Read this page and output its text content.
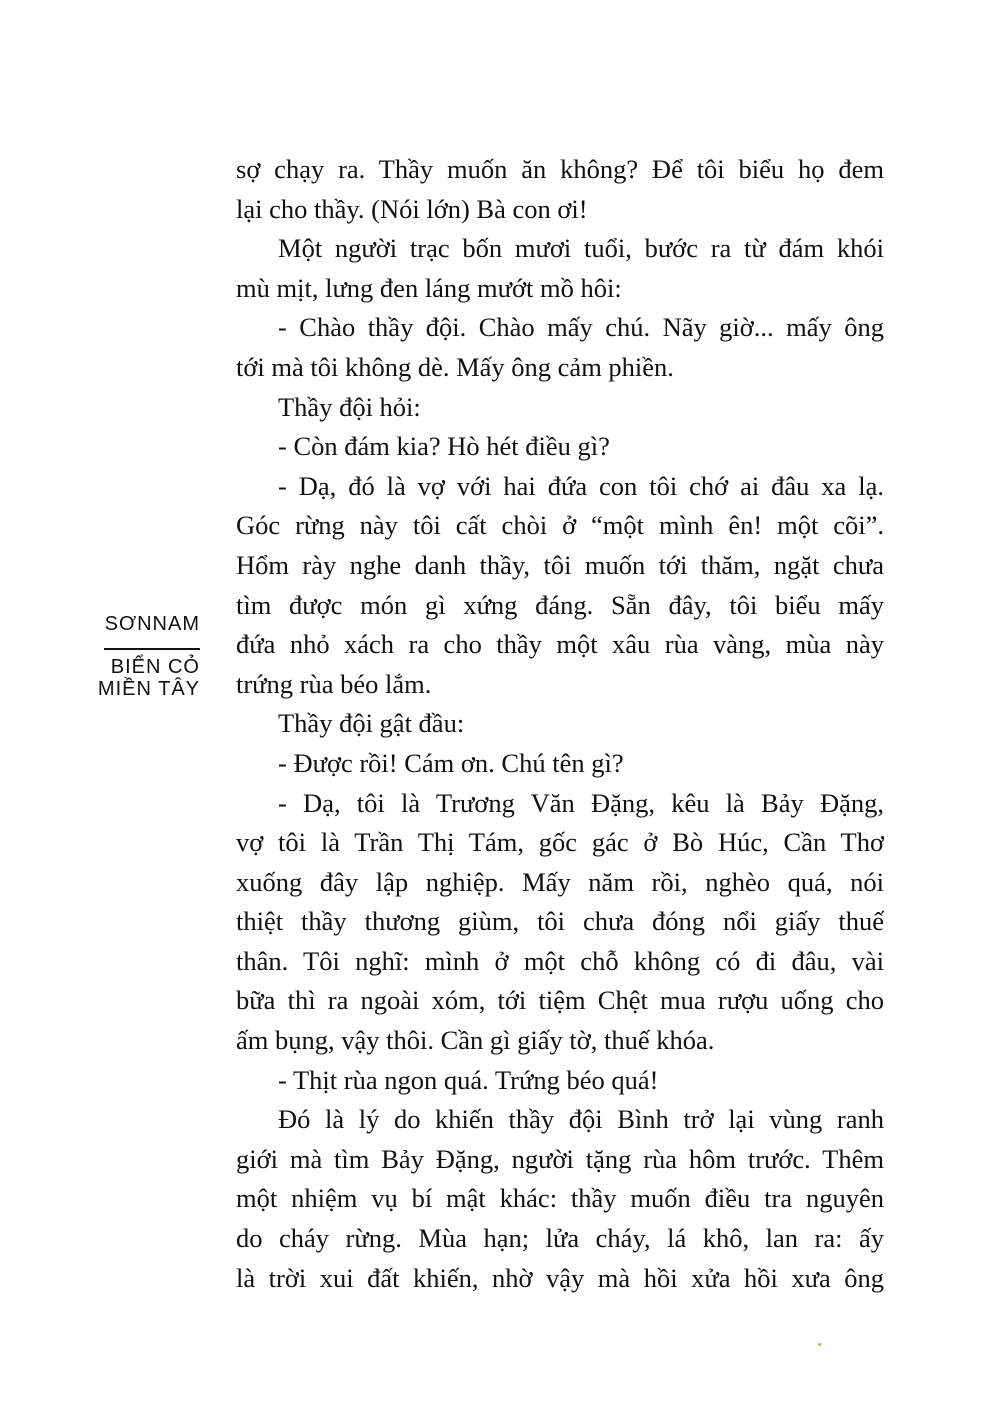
SƠNNAM
BIỂN CỎ
MIỀN TÂY
sợ chạy ra. Thầy muốn ăn không? Để tôi biểu họ đem
lại cho thầy. (Nói lớn) Bà con ơi!
Một người trạc bốn mươi tuổi, bước ra từ đám khói
mù mịt, lưng đen láng mướt mồ hôi:
- Chào thầy đội. Chào mấy chú. Nãy giờ... mấy ông
tới mà tôi không dè. Mấy ông cảm phiền.
Thầy đội hỏi:
- Còn đám kia? Hò hét điều gì?
- Dạ, đó là vợ với hai đứa con tôi chớ ai đâu xa lạ.
Góc rừng này tôi cất chòi ở “một mình ên! một cõi”.
Hổm rày nghe danh thầy, tôi muốn tới thăm, ngặt chưa
tìm được món gì xứng đáng. Sẵn đây, tôi biểu mấy
đứa nhỏ xách ra cho thầy một xâu rùa vàng, mùa này
trứng rùa béo lắm.
Thầy đội gật đầu:
- Được rồi! Cám ơn. Chú tên gì?
- Dạ, tôi là Trương Văn Đặng, kêu là Bảy Đặng,
vợ tôi là Trần Thị Tám, gốc gác ở Bò Húc, Cần Thơ
xuống đây lập nghiệp. Mấy năm rồi, nghèo quá, nói
thiệt thầy thương giùm, tôi chưa đóng nổi giấy thuế
thân. Tôi nghĩ: mình ở một chỗ không có đi đâu, vài
bữa thì ra ngoài xóm, tới tiệm Chệt mua rượu uống cho
ấm bụng, vậy thôi. Cần gì giấy tờ, thuế khóa.
- Thịt rùa ngon quá. Trứng béo quá!
Đó là lý do khiến thầy đội Bình trở lại vùng ranh
giới mà tìm Bảy Đặng, người tặng rùa hôm trước. Thêm
một nhiệm vụ bí mật khác: thầy muốn điều tra nguyên
do cháy rừng. Mùa hạn; lửa cháy, lá khô, lan ra: ấy
là trời xui đất khiến, nhờ vậy mà hồi xửa hồi xưa ông
